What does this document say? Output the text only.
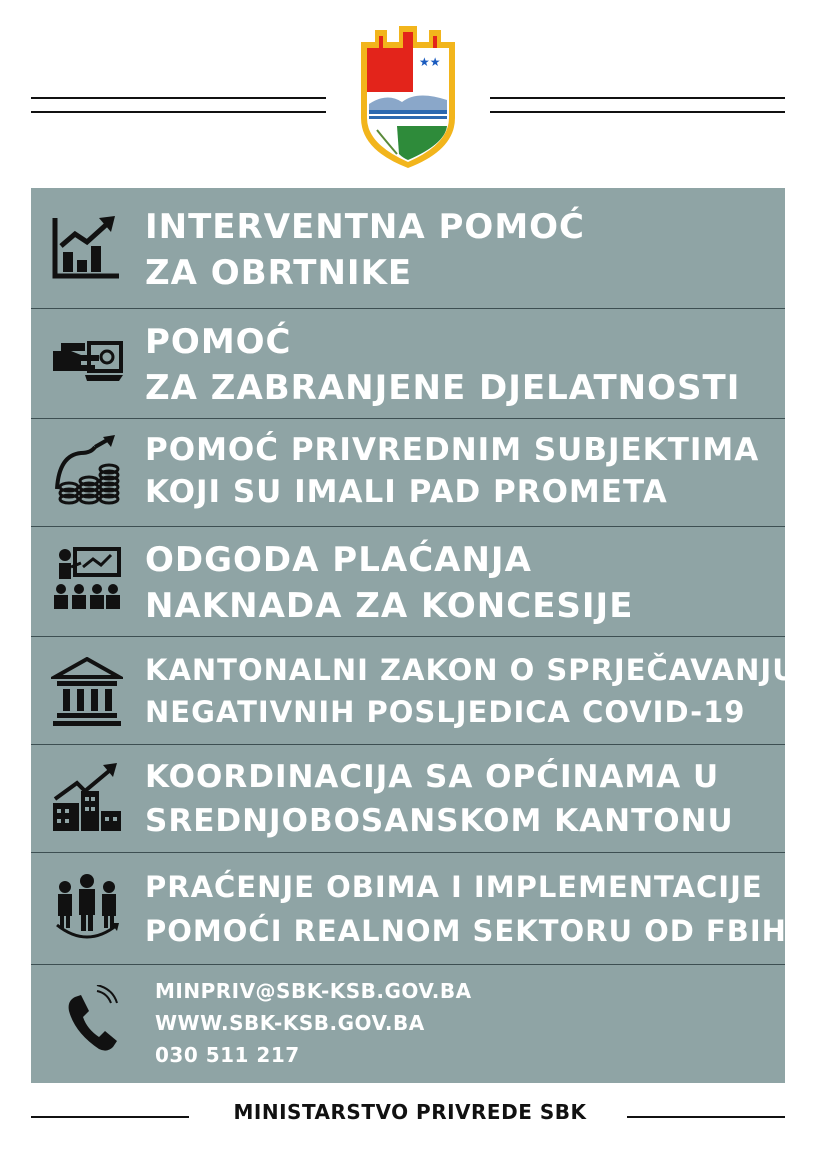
★★
INTERVENTNA POMOĆ
ZA OBRTNIKE
POMOĆ
ZA ZABRANJENE DJELATNOSTI
POMOĆ PRIVREDNIM SUBJEKTIMA
KOJI SU IMALI PAD PROMETA
ODGODA PLAĆANJA
NAKNADA ZA KONCESIJE
KANTONALNI ZAKON O SPRJEČAVANJU
NEGATIVNIH POSLJEDICA COVID-19
KOORDINACIJA SA OPĆINAMA U
SREDNJOBOSANSKOM KANTONU
PRAĆENJE OBIMA I IMPLEMENTACIJE
POMOĆI REALNOM SEKTORU OD FBIH
MINPRIV@SBK-KSB.GOV.BA
WWW.SBK-KSB.GOV.BA
030 511 217
MINISTARSTVO PRIVREDE SBK
